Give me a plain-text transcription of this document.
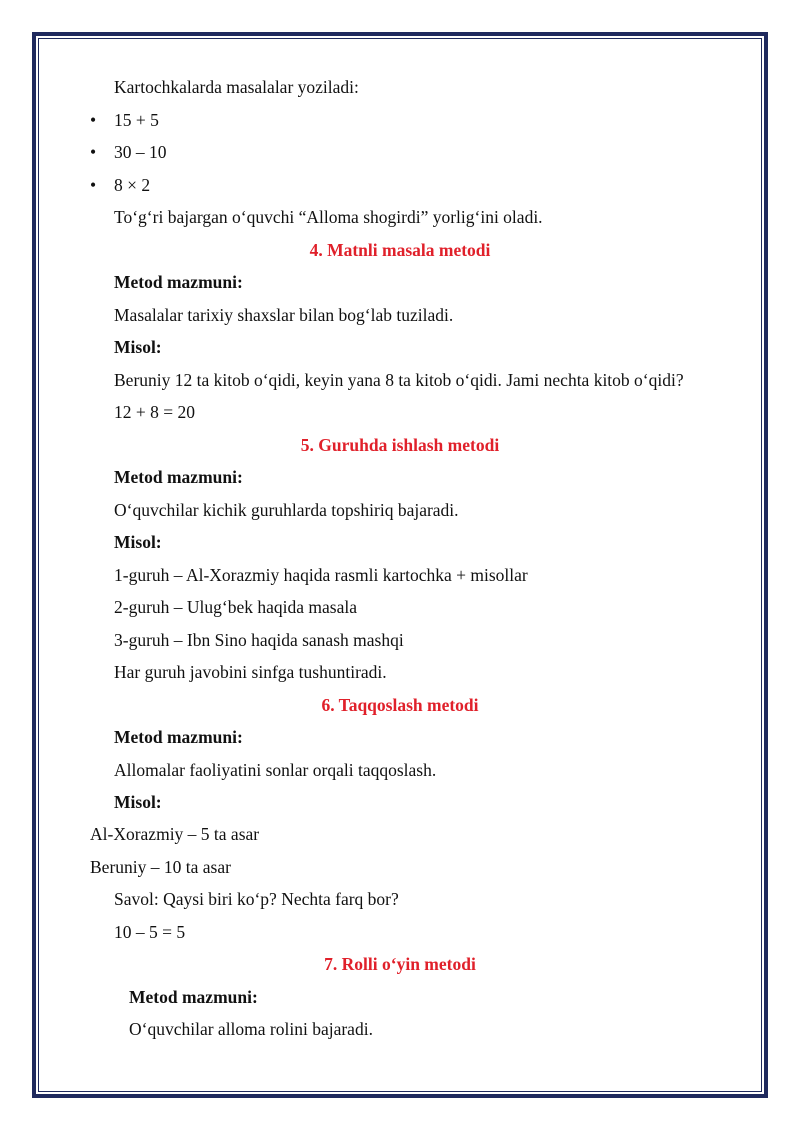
Kartochkalarda masalalar yoziladi:
• 15 + 5
• 30 – 10
• 8 × 2
To‘g‘ri bajargan o‘quvchi “Alloma shogirdi” yorlig‘ini oladi.
4. Matnli masala metodi
Metod mazmuni:
Masalalar tarixiy shaxslar bilan bog‘lab tuziladi.
Misol:
Beruniy 12 ta kitob o‘qidi, keyin yana 8 ta kitob o‘qidi. Jami nechta kitob o‘qidi?
12 + 8 = 20
5. Guruhda ishlash metodi
Metod mazmuni:
O‘quvchilar kichik guruhlarda topshiriq bajaradi.
Misol:
1-guruh – Al-Xorazmiy haqida rasmli kartochka + misollar
2-guruh – Ulug‘bek haqida masala
3-guruh – Ibn Sino haqida sanash mashqi
Har guruh javobini sinfga tushuntiradi.
6. Taqqoslash metodi
Metod mazmuni:
Allomalar faoliyatini sonlar orqali taqqoslash.
Misol:
Al-Xorazmiy – 5 ta asar
Beruniy – 10 ta asar
Savol: Qaysi biri ko‘p? Nechta farq bor?
10 – 5 = 5
7. Rolli o‘yin metodi
Metod mazmuni:
O‘quvchilar alloma rolini bajaradi.
